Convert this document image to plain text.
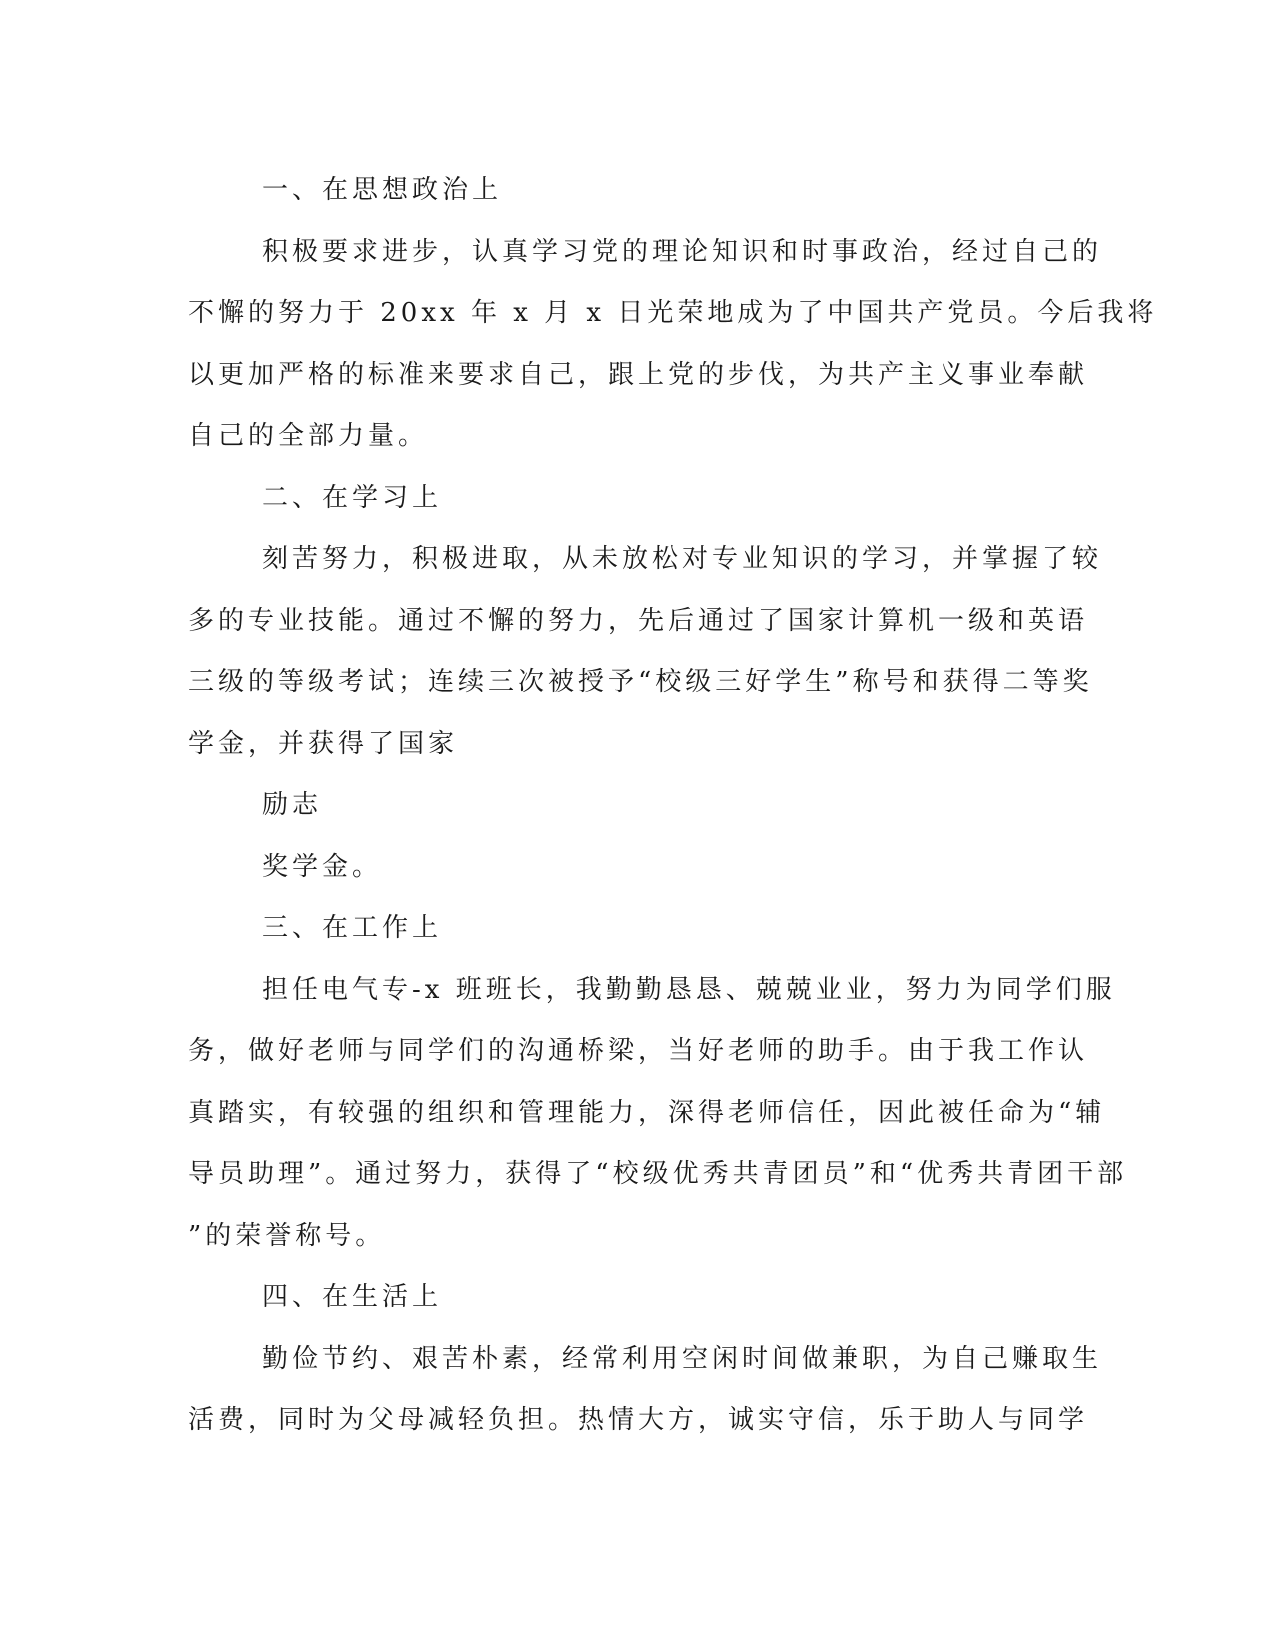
一、在思想政治上
积极要求进步，认真学习党的理论知识和时事政治，经过自己的
不懈的努力于 20xx 年 x 月 x 日光荣地成为了中国共产党员。今后我将
以更加严格的标准来要求自己，跟上党的步伐，为共产主义事业奉献
自己的全部力量。
二、在学习上
刻苦努力，积极进取，从未放松对专业知识的学习，并掌握了较
多的专业技能。通过不懈的努力，先后通过了国家计算机一级和英语
三级的等级考试；连续三次被授予“校级三好学生”称号和获得二等奖
学金，并获得了国家
励志
奖学金。
三、在工作上
担任电气专-x 班班长，我勤勤恳恳、兢兢业业，努力为同学们服
务，做好老师与同学们的沟通桥梁，当好老师的助手。由于我工作认
真踏实，有较强的组织和管理能力，深得老师信任，因此被任命为“辅
导员助理”。通过努力，获得了“校级优秀共青团员”和“优秀共青团干部
”的荣誉称号。
四、在生活上
勤俭节约、艰苦朴素，经常利用空闲时间做兼职，为自己赚取生
活费，同时为父母减轻负担。热情大方，诚实守信，乐于助人与同学
